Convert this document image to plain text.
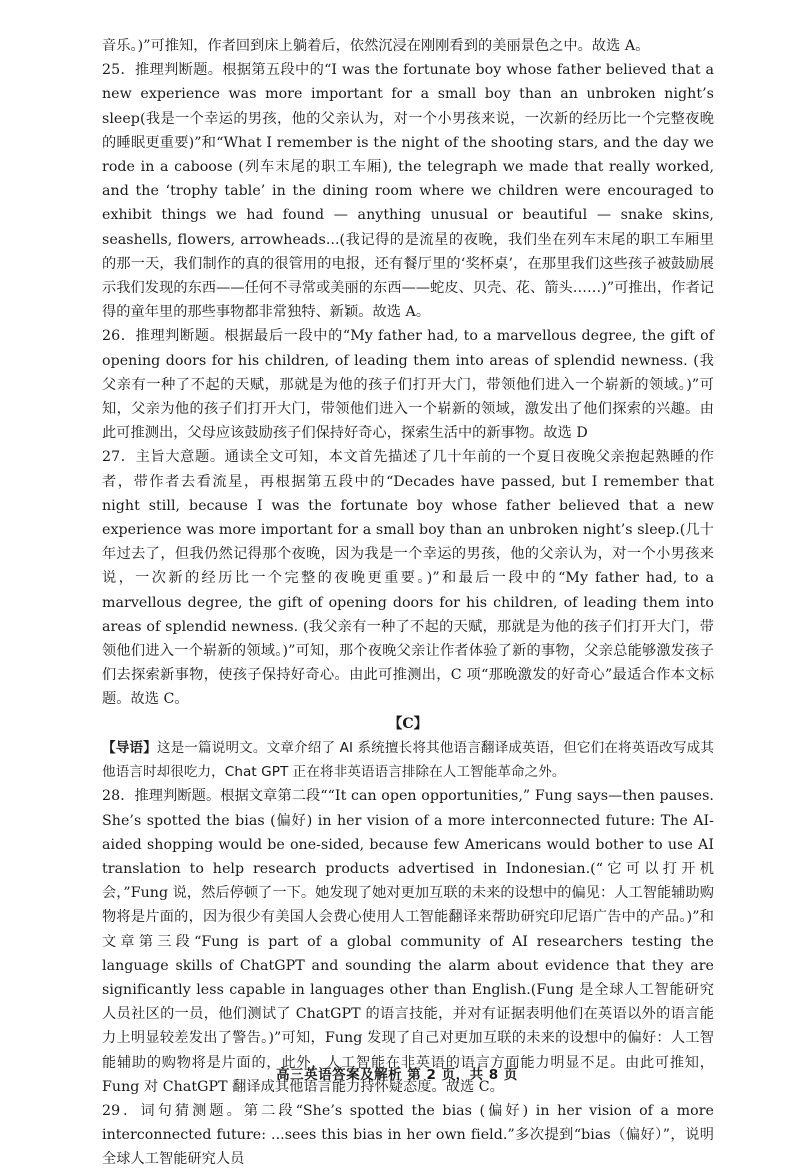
音乐。)”可推知，作者回到床上躺着后，依然沉浸在刚刚看到的美丽景色之中。故选 A。

25．推理判断题。根据第五段中的“I was the fortunate boy whose father believed that a new experience was more important for a small boy than an unbroken night’s sleep(我是一个幸运的男孩，他的父亲认为，对一个小男孩来说，一次新的经历比一个完整夜晚的睡眠更重要)”和“What I remember is the night of the shooting stars, and the day we rode in a caboose (列车末尾的职工车厢), the telegraph we made that really worked, and the ‘trophy table’ in the dining room where we children were encouraged to exhibit things we had found — anything unusual or beautiful — snake skins, seashells, flowers, arrowheads...(我记得的是流星的夜晚，我们坐在列车末尾的职工车厢里的那一天，我们制作的真的很管用的电报，还有餐厅里的‘奖杯桌’，在那里我们这些孩子被鼓励展示我们发现的东西——任何不寻常或美丽的东西——蛇皮、贝壳、花、箭头……)”可推出，作者记得的童年里的那些事物都非常独特、新颖。故选 A。

26．推理判断题。根据最后一段中的“My father had, to a marvellous degree, the gift of opening doors for his children, of leading them into areas of splendid newness. (我父亲有一种了不起的天赋，那就是为他的孩子们打开大门，带领他们进入一个崭新的领域。)”可知，父亲为他的孩子们打开大门，带领他们进入一个崭新的领域，激发出了他们探索的兴趣。由此可推测出，父母应该鼓励孩子们保持好奇心，探索生活中的新事物。故选 D

27．主旨大意题。通读全文可知，本文首先描述了几十年前的一个夏日夜晚父亲抱起熟睡的作者，带作者去看流星，再根据第五段中的“Decades have passed, but I remember that night still, because I was the fortunate boy whose father believed that a new experience was more important for a small boy than an unbroken night’s sleep.(几十年过去了，但我仍然记得那个夜晚，因为我是一个幸运的男孩，他的父亲认为，对一个小男孩来说，一次新的经历比一个完整的夜晚更重要。)”和最后一段中的“My father had, to a marvellous degree, the gift of opening doors for his children, of leading them into areas of splendid newness. (我父亲有一种了不起的天赋，那就是为他的孩子们打开大门，带领他们进入一个崭新的领域。)”可知，那个夜晚父亲让作者体验了新的事物，父亲总能够激发孩子们去探索新事物，使孩子保持好奇心。由此可推测出，C 项“那晚激发的好奇心”最适合作本文标题。故选 C。

【C】

【导语】这是一篇说明文。文章介绍了 AI 系统擅长将其他语言翻译成英语，但它们在将英语改写成其他语言时却很吃力，Chat GPT 正在将非英语语言排除在人工智能革命之外。

28．推理判断题。根据文章第二段““It can open opportunities,” Fung says—then pauses. She’s spotted the bias (偏好) in her vision of a more interconnected future: The AI-aided shopping would be one-sided, because few Americans would bother to use AI translation to help research products advertised in Indonesian.(“它可以打开机会，”Fung 说，然后停顿了一下。她发现了她对更加互联的未来的设想中的偏见：人工智能辅助购物将是片面的，因为很少有美国人会费心使用人工智能翻译来帮助研究印尼语广告中的产品。)”和文章第三段“Fung is part of a global community of AI researchers testing the language skills of ChatGPT and sounding the alarm about evidence that they are significantly less capable in languages other than English.(Fung 是全球人工智能研究人员社区的一员，他们测试了 ChatGPT 的语言技能，并对有证据表明他们在英语以外的语言能力上明显较差发出了警告。)”可知，Fung 发现了自己对更加互联的未来的设想中的偏好：人工智能辅助的购物将是片面的，此外，人工智能在非英语的语言方面能力明显不足。由此可推知，Fung 对 ChatGPT 翻译成其他语言能力持怀疑态度。故选 C。

29．词句猜测题。第二段“She’s spotted the bias (偏好) in her vision of a more interconnected future: ...sees this bias in her own field.”多次提到“bias（偏好）”，说明全球人工智能研究人员

高三英语答案及解析 第 2 页，共 8 页
